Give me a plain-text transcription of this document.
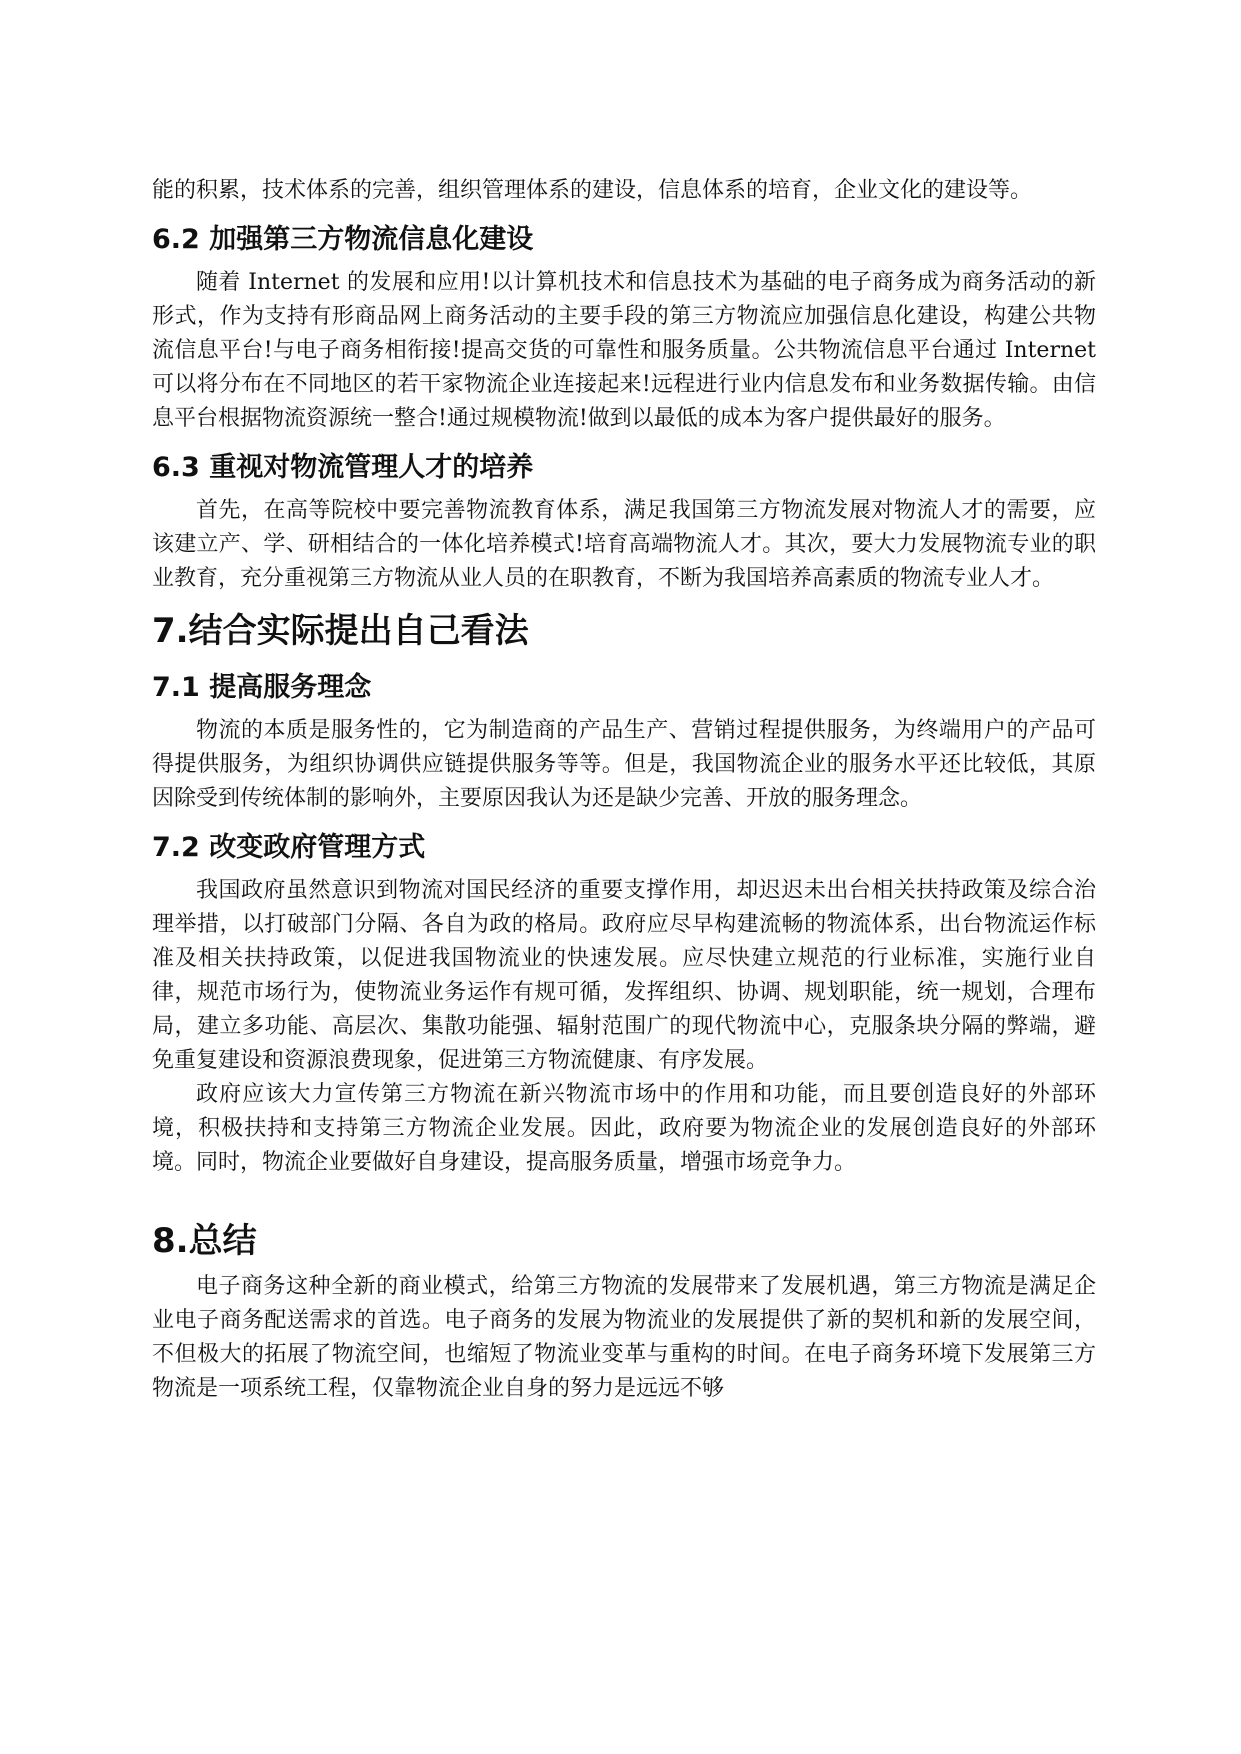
能的积累，技术体系的完善，组织管理体系的建设，信息体系的培育，企业文化的建设等。

6.2 加强第三方物流信息化建设

随着 Internet 的发展和应用!以计算机技术和信息技术为基础的电子商务成为商务活动的新形式，作为支持有形商品网上商务活动的主要手段的第三方物流应加强信息化建设，构建公共物流信息平台!与电子商务相衔接!提高交货的可靠性和服务质量。公共物流信息平台通过 Internet 可以将分布在不同地区的若干家物流企业连接起来!远程进行业内信息发布和业务数据传输。由信息平台根据物流资源统一整合!通过规模物流!做到以最低的成本为客户提供最好的服务。

6.3 重视对物流管理人才的培养

首先，在高等院校中要完善物流教育体系，满足我国第三方物流发展对物流人才的需要，应该建立产、学、研相结合的一体化培养模式!培育高端物流人才。其次，要大力发展物流专业的职业教育，充分重视第三方物流从业人员的在职教育，不断为我国培养高素质的物流专业人才。

7.结合实际提出自己看法
7.1 提高服务理念

物流的本质是服务性的，它为制造商的产品生产、营销过程提供服务，为终端用户的产品可得提供服务，为组织协调供应链提供服务等等。但是，我国物流企业的服务水平还比较低，其原因除受到传统体制的影响外，主要原因我认为还是缺少完善、开放的服务理念。

7.2 改变政府管理方式

我国政府虽然意识到物流对国民经济的重要支撑作用，却迟迟未出台相关扶持政策及综合治理举措，以打破部门分隔、各自为政的格局。政府应尽早构建流畅的物流体系，出台物流运作标准及相关扶持政策，以促进我国物流业的快速发展。应尽快建立规范的行业标准，实施行业自律，规范市场行为，使物流业务运作有规可循，发挥组织、协调、规划职能，统一规划，合理布局，建立多功能、高层次、集散功能强、辐射范围广的现代物流中心，克服条块分隔的弊端，避免重复建设和资源浪费现象，促进第三方物流健康、有序发展。

政府应该大力宣传第三方物流在新兴物流市场中的作用和功能，而且要创造良好的外部环境，积极扶持和支持第三方物流企业发展。因此，政府要为物流企业的发展创造良好的外部环境。同时，物流企业要做好自身建设，提高服务质量，增强市场竞争力。

8.总结

电子商务这种全新的商业模式，给第三方物流的发展带来了发展机遇，第三方物流是满足企业电子商务配送需求的首选。电子商务的发展为物流业的发展提供了新的契机和新的发展空间，不但极大的拓展了物流空间，也缩短了物流业变革与重构的时间。在电子商务环境下发展第三方物流是一项系统工程，仅靠物流企业自身的努力是远远不够
